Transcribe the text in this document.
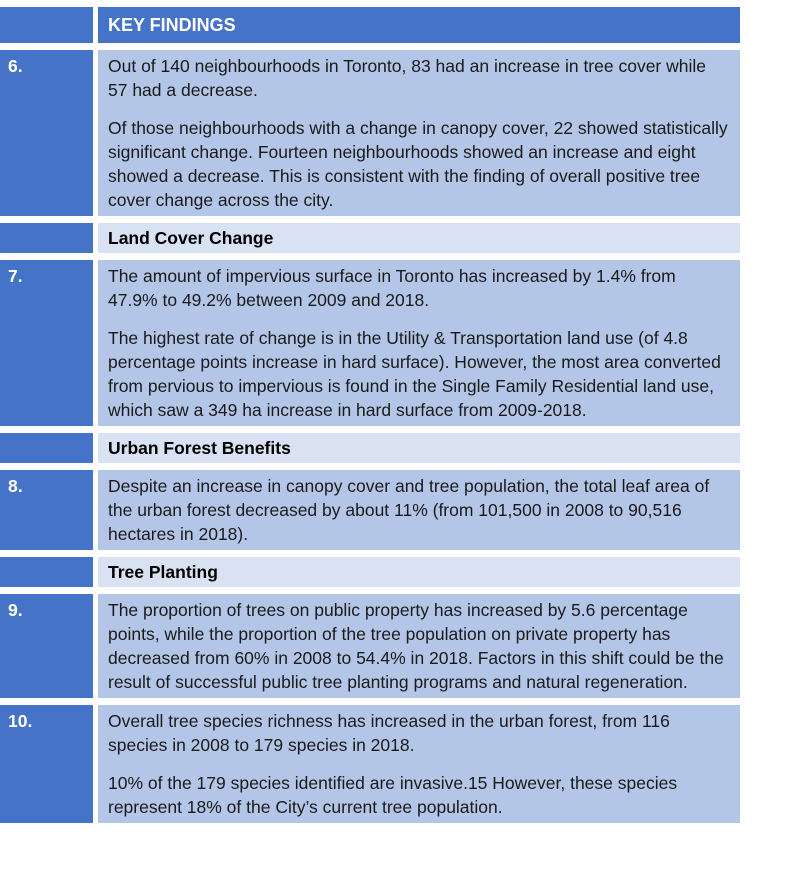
KEY FINDINGS
6.	Out of 140 neighbourhoods in Toronto, 83 had an increase in tree cover while 57 had a decrease.

Of those neighbourhoods with a change in canopy cover, 22 showed statistically significant change. Fourteen neighbourhoods showed an increase and eight showed a decrease. This is consistent with the finding of overall positive tree cover change across the city.

Land Cover Change
7.	The amount of impervious surface in Toronto has increased by 1.4% from 47.9% to 49.2% between 2009 and 2018.

The highest rate of change is in the Utility & Transportation land use (of 4.8 percentage points increase in hard surface). However, the most area converted from pervious to impervious is found in the Single Family Residential land use, which saw a 349 ha increase in hard surface from 2009-2018.

Urban Forest Benefits
8.	Despite an increase in canopy cover and tree population, the total leaf area of the urban forest decreased by about 11% (from 101,500 in 2008 to 90,516 hectares in 2018).

Tree Planting
9.	The proportion of trees on public property has increased by 5.6 percentage points, while the proportion of the tree population on private property has decreased from 60% in 2008 to 54.4% in 2018. Factors in this shift could be the result of successful public tree planting programs and natural regeneration.

10.	Overall tree species richness has increased in the urban forest, from 116 species in 2008 to 179 species in 2018.

10% of the 179 species identified are invasive.15 However, these species represent 18% of the City’s current tree population.
